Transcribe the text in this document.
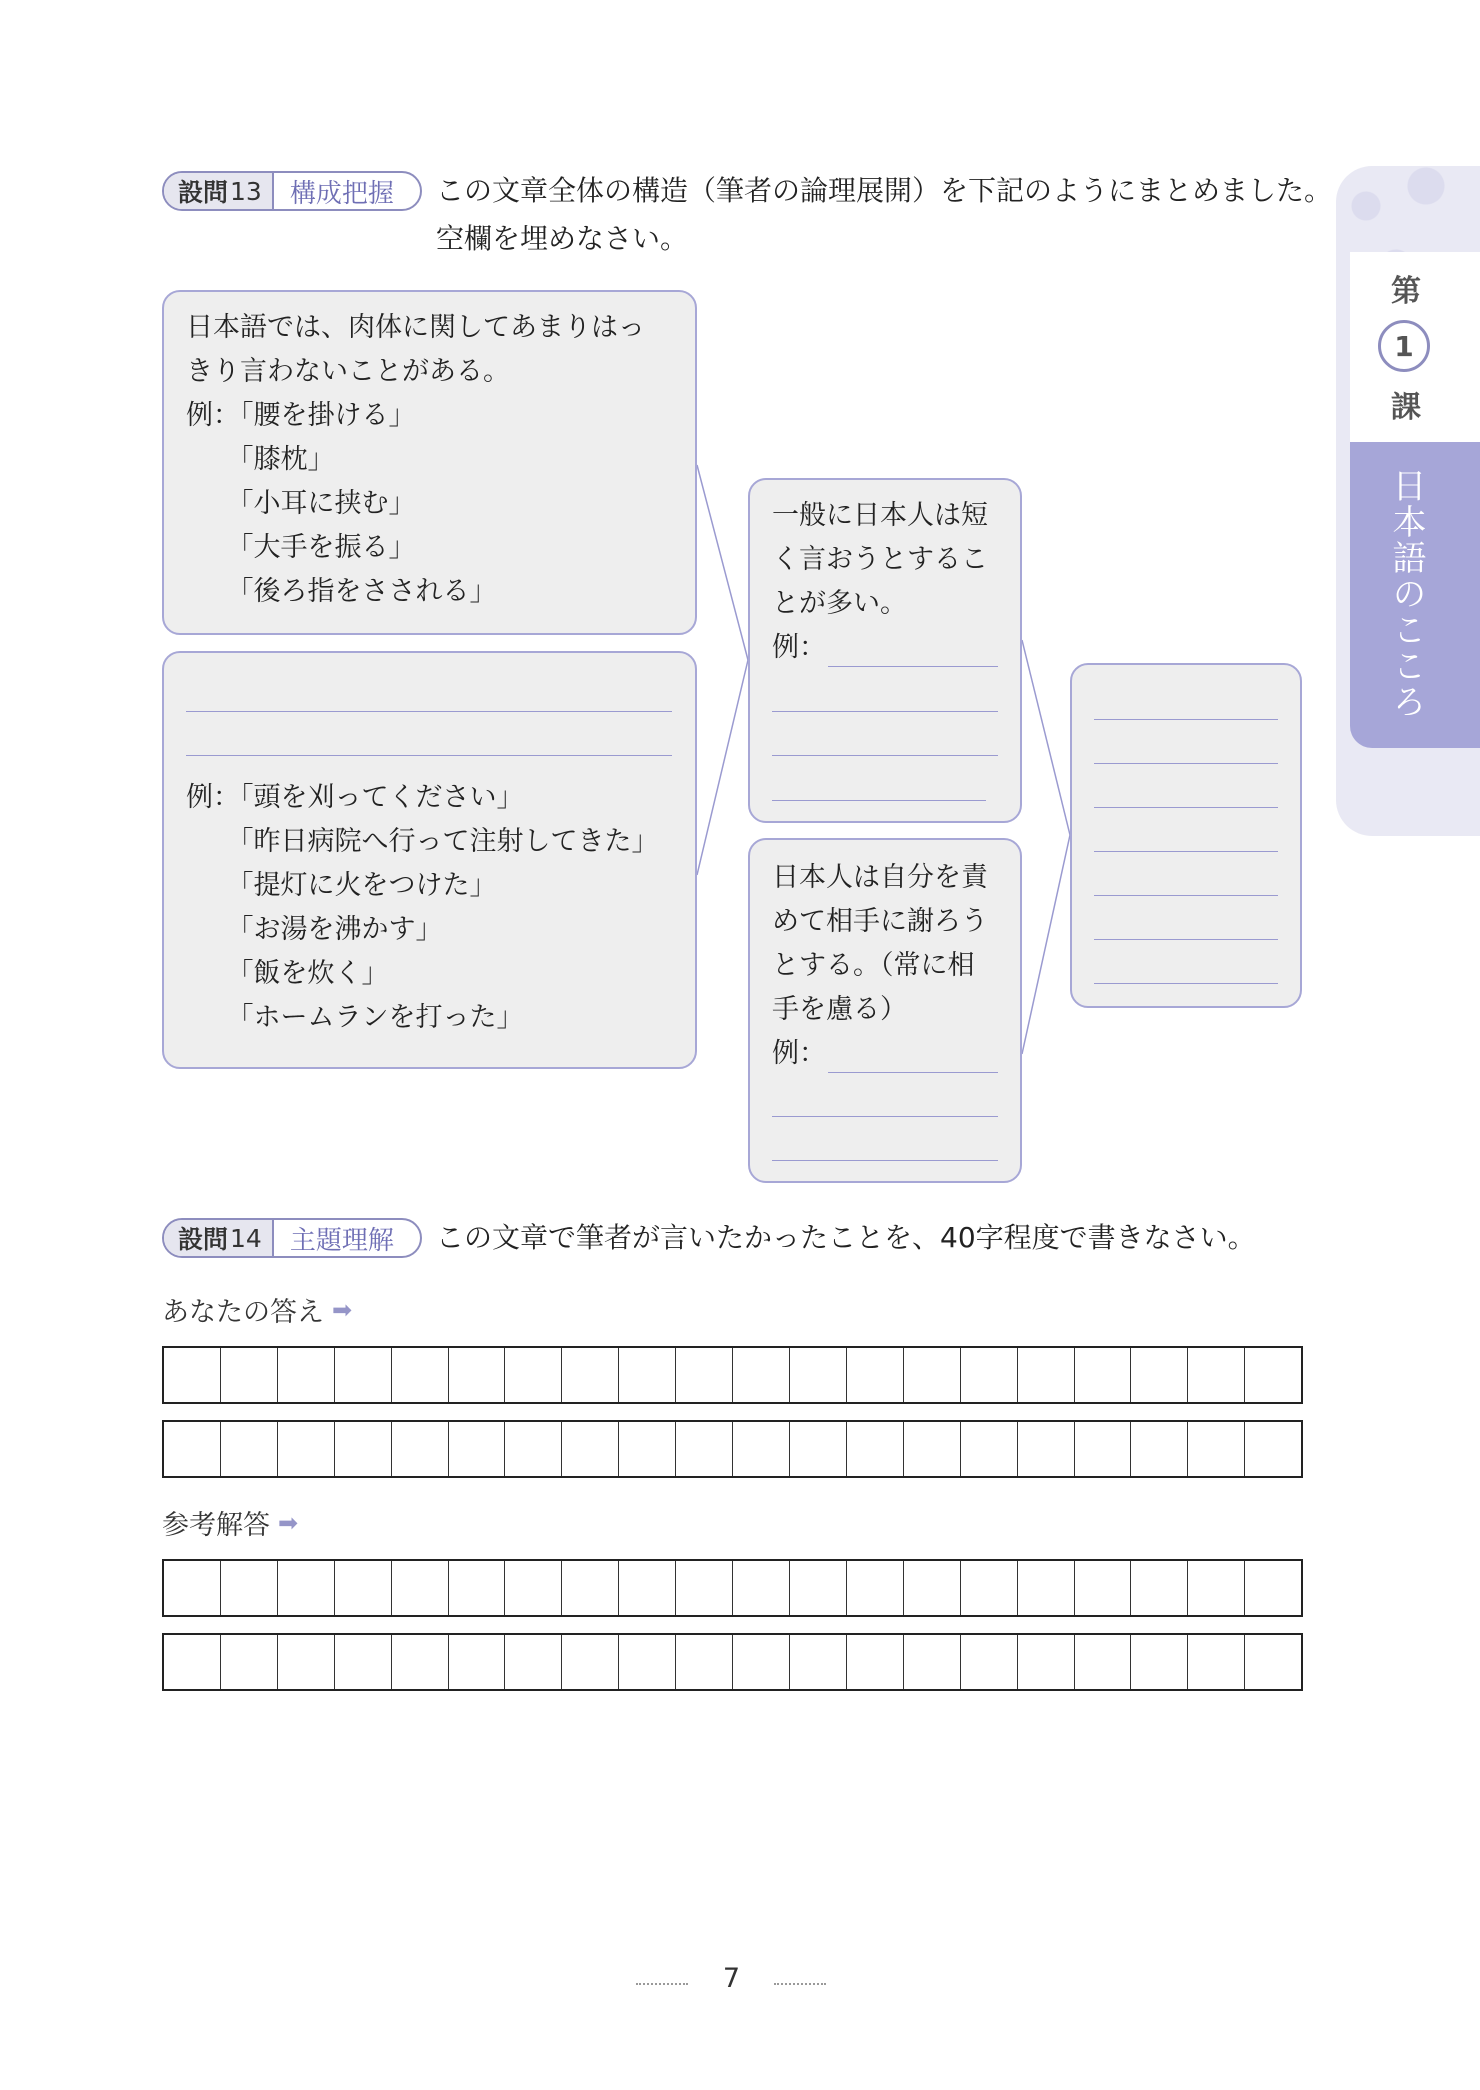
設問 13	構成把握	この文章全体の構造（筆者の論理展開）を下記のようにまとめました。
空欄を埋めなさい。
日本語では、肉体に関してあまりはっ
きり言わないことがある。
例：「腰を掛ける」
　　「膝枕」
　　「小耳に挟む」
　　「大手を振る」
　　「後ろ指をさされる」
例：「頭を刈ってください」
　　「昨日病院へ行って注射してきた」
　　「提灯に火をつけた」
　　「お湯を沸かす」
　　「飯を炊く」
　　「ホームランを打った」
一般に日本人は短
く言おうとするこ
とが多い。
例：
日本人は自分を責
めて相手に謝ろう
とする。（常に相
手を慮る）
例：
設問 14	主題理解	この文章で筆者が言いたかったことを、40字程度で書きなさい。
あなたの答え ➡
参考解答 ➡
第
1
課
日本語のこころ
7
